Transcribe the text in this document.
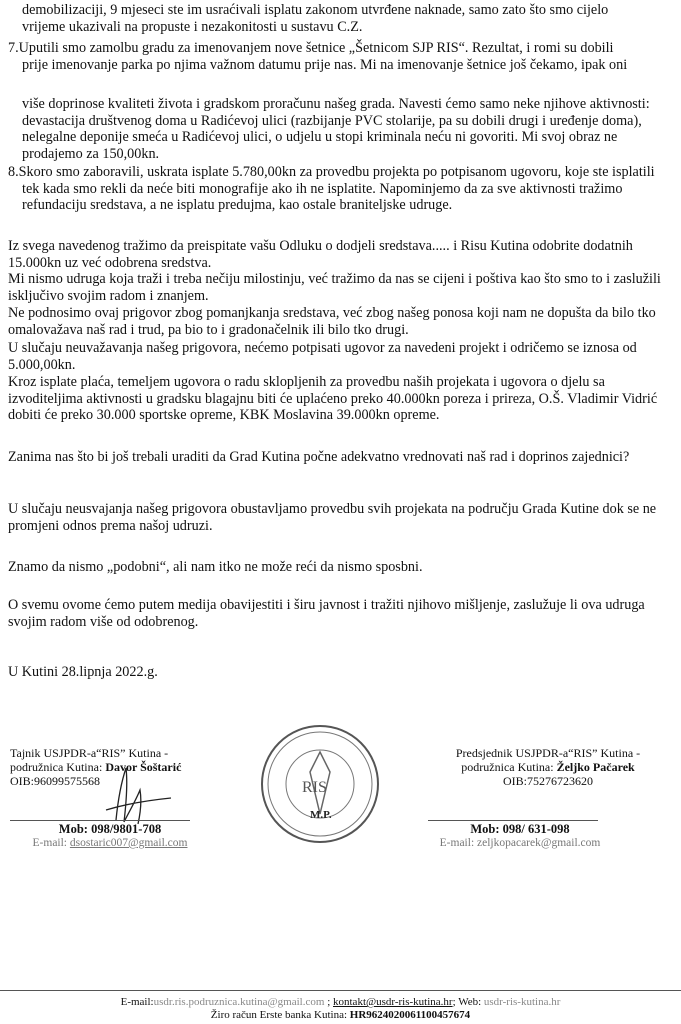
demobilizaciji, 9 mjeseci ste im usraćivali isplatu zakonom utvrđene naknade, samo zato što smo cijelo
vrijeme ukazivali na propuste i nezakonitosti u sustavu C.Z.

7.Uputili smo zamolbu gradu za imenovanjem nove šetnice „Šetnicom SJP RIS“. Rezultat, i romi su dobili
prije imenovanje parka po njima važnom datumu prije nas. Mi na imenovanje šetnice još čekamo, ipak oni

više doprinose kvaliteti života i gradskom proračunu našeg grada. Navesti ćemo samo neke njihove aktivnosti: devastacija društvenog doma u Radićevoj ulici (razbijanje PVC stolarije, pa su dobili drugi i uređenje doma), nelegalne deponije smeća u Radićevoj ulici, o udjelu u stopi kriminala neću ni govoriti. Mi svoj obraz ne prodajemo za 150,00kn.

8.Skoro smo zaboravili, uskrata isplate 5.780,00kn za provedbu projekta po potpisanom ugovoru, koje ste isplatili tek kada smo rekli da neće biti monografije ako ih ne isplatite. Napominjemo da za sve aktivnosti tražimo refundaciju sredstava, a ne isplatu predujma, kao ostale braniteljske udruge.

Iz svega navedenog tražimo da preispitate vašu Odluku o dodjeli sredstava..... i Risu Kutina odobrite dodatnih 15.000kn uz već odobrena sredstva.

Mi nismo udruga koja traži i treba nečiju milostinju, već tražimo da nas se cijeni i poštiva kao što smo to i zaslužili isključivo svojim radom i znanjem.

Ne podnosimo ovaj prigovor zbog pomanjkanja sredstava, već zbog našeg ponosa koji nam ne dopušta da bilo tko omalovažava naš rad i trud, pa bio to i gradonačelnik ili bilo tko drugi.

U slučaju neuvažavanja našeg prigovora, nećemo potpisati ugovor za navedeni projekt i odričemo se iznosa od 5.000,00kn.

Kroz isplate plaća, temeljem ugovora o radu sklopljenih za provedbu naših projekata i ugovora o djelu sa izvoditeljima aktivnosti u gradsku blagajnu biti će uplaćeno preko 40.000kn poreza i prireza, O.Š. Vladimir Vidrić dobiti će preko 30.000 sportske opreme, KBK Moslavina 39.000kn opreme.

Zanima nas što bi još trebali uraditi da Grad Kutina počne adekvatno vrednovati naš rad i doprinos zajednici?

U slučaju neusvajanja našeg prigovora obustavljamo provedbu svih projekata na području Grada Kutine dok se ne promjeni odnos prema našoj udruzi.

Znamo da nismo „podobni“, ali nam itko ne može reći da nismo sposbni.

O svemu ovome ćemo putem medija obavijestiti i širu javnost i tražiti njihovo mišljenje, zaslužuje li ova udruga svojim radom više od odobrenog.

U Kutini 28.lipnja 2022.g.

Tajnik USJPDR-a“RIS” Kutina -
podružnica Kutina: Davor Šoštarić
OIB:96099575568
Mob: 098/9801-708
E-mail: dsostaric007@gmail.com
RIS
M.P.
Predsjednik USJPDR-a“RIS” Kutina -
podružnica Kutina: Željko Pačarek
OIB:75276723620
Mob: 098/ 631-098
E-mail: zeljkopacarek@gmail.com
E-mail:usdr.ris.podruznica.kutina@gmail.com ; kontakt@usdr-ris-kutina.hr; Web: usdr-ris-kutina.hr
Žiro račun Erste banka Kutina: HR9624020061100457674
